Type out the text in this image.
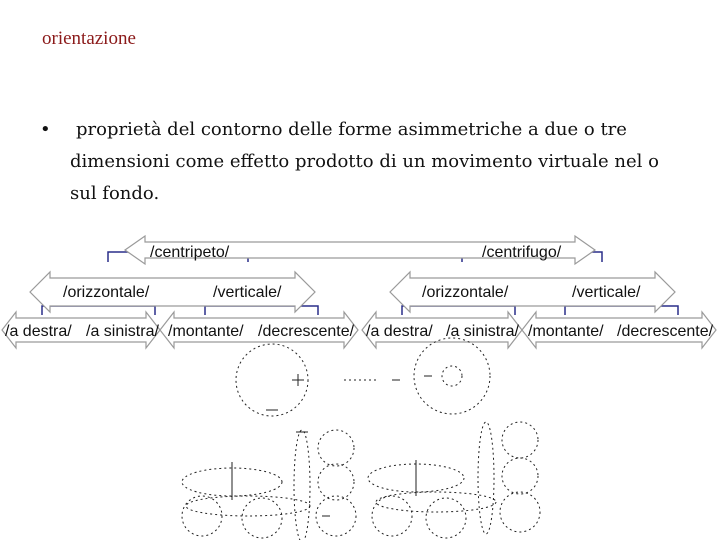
orientazione
•	proprietà del contorno delle forme asimmetriche a due o tre dimensioni come effetto prodotto di un movimento virtuale nel o sul fondo.
/centripeto/	/centrifugo/
/orizzontale/	/verticale/	/orizzontale/	/verticale/
/a destra/ /a sinistra/ /montante/ /decrescente/ /a destra/ /a sinistra/ /montante/ /decrescente/
